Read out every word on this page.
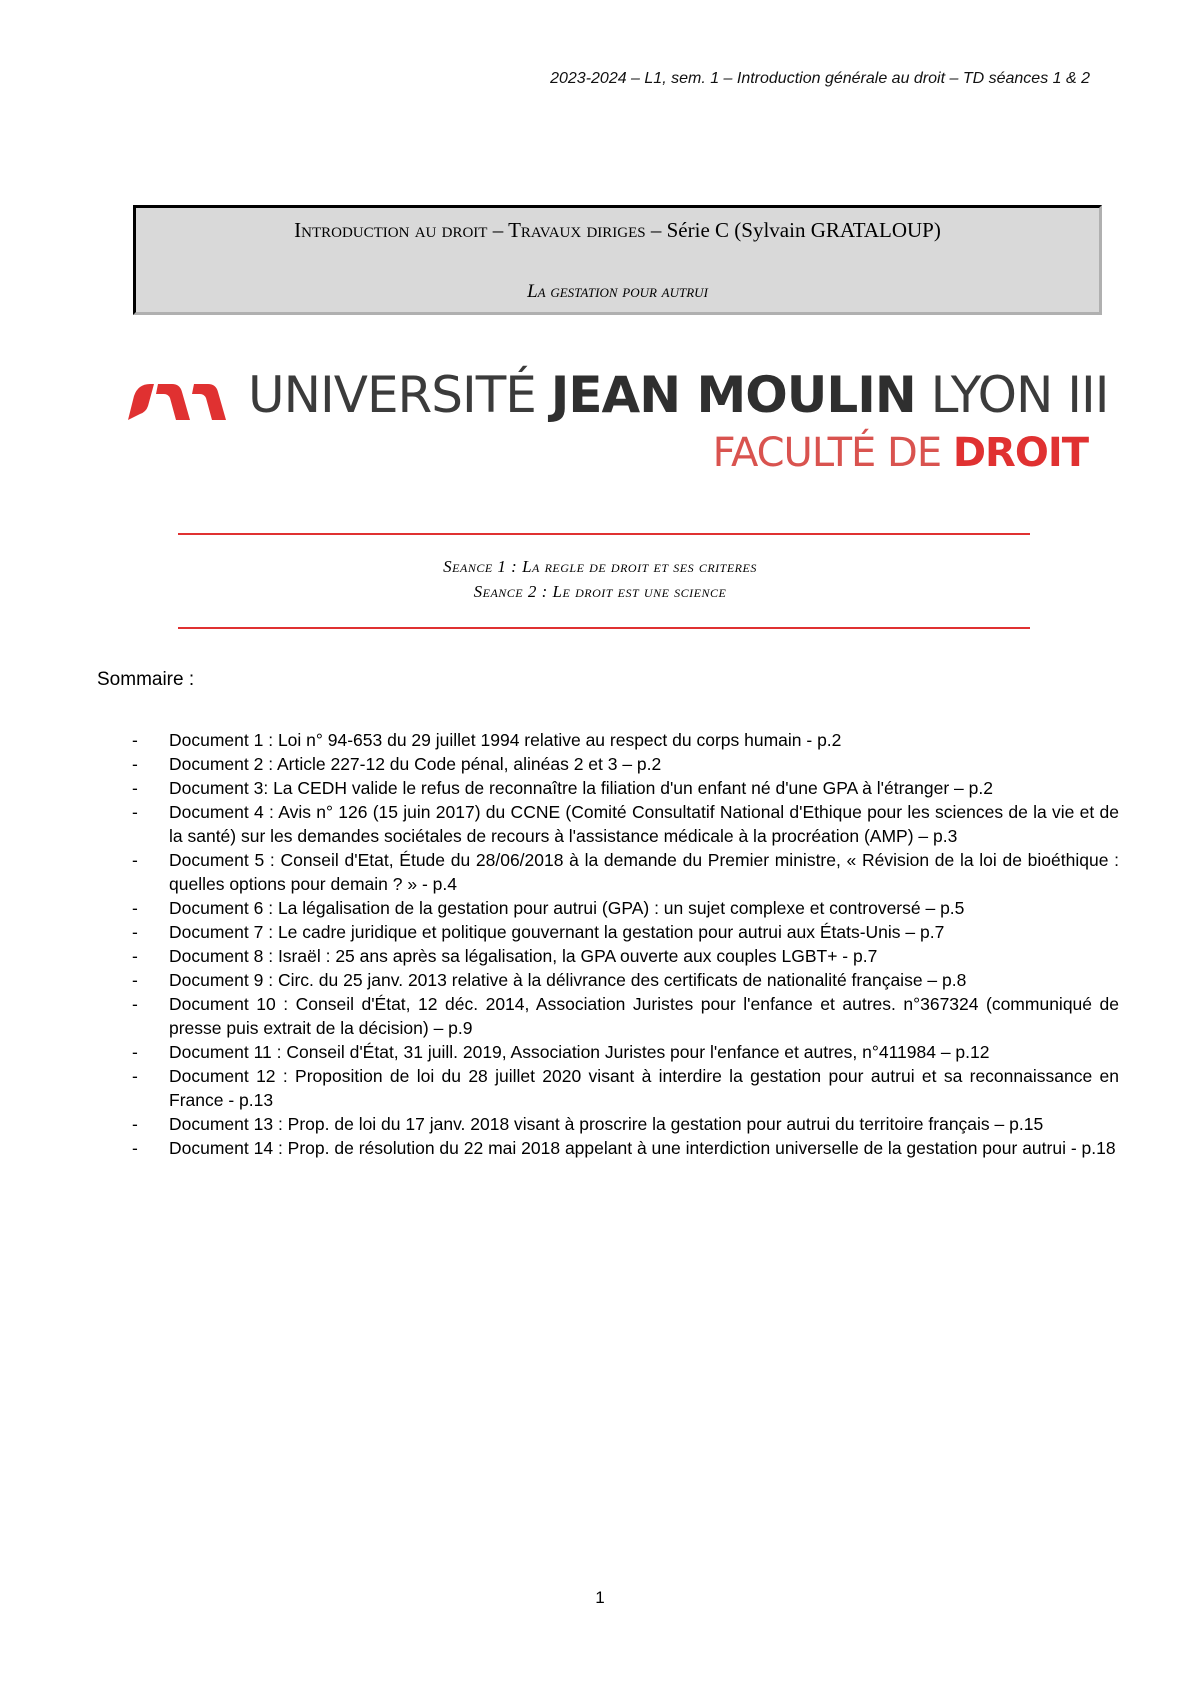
2023-2024 – L1, sem. 1 – Introduction générale au droit – TD séances 1 & 2
Introduction au droit – Travaux diriges – Série C (Sylvain GRATALOUP)
La gestation pour autrui
UNIVERSITÉ JEAN MOULIN LYON III
FACULTÉ DE DROIT
Seance 1 : La regle de droit et ses criteres
Seance 2 : Le droit est une science
Sommaire :
- Document 1 : Loi n° 94-653 du 29 juillet 1994 relative au respect du corps humain - p.2
- Document 2 : Article 227-12 du Code pénal, alinéas 2 et 3 – p.2
- Document 3: La CEDH valide le refus de reconnaître la filiation d'un enfant né d'une GPA à l'étranger – p.2
- Document 4 : Avis n° 126 (15 juin 2017) du CCNE (Comité Consultatif National d'Ethique pour les sciences de la vie et de la santé) sur les demandes sociétales de recours à l'assistance médicale à la procréation (AMP) – p.3
- Document 5 : Conseil d'Etat, Étude du 28/06/2018 à la demande du Premier ministre, « Révision de la loi de bioéthique : quelles options pour demain ? » - p.4
- Document 6 : La légalisation de la gestation pour autrui (GPA) : un sujet complexe et controversé – p.5
- Document 7 : Le cadre juridique et politique gouvernant la gestation pour autrui aux États-Unis – p.7
- Document 8 : Israël : 25 ans après sa légalisation, la GPA ouverte aux couples LGBT+ - p.7
- Document 9 : Circ. du 25 janv. 2013 relative à la délivrance des certificats de nationalité française – p.8
- Document 10 : Conseil d'État, 12 déc. 2014, Association Juristes pour l'enfance et autres. n°367324 (communiqué de presse puis extrait de la décision) – p.9
- Document 11 : Conseil d'État, 31 juill. 2019, Association Juristes pour l'enfance et autres, n°411984 – p.12
- Document 12 : Proposition de loi du 28 juillet 2020 visant à interdire la gestation pour autrui et sa reconnaissance en France - p.13
- Document 13 : Prop. de loi du 17 janv. 2018 visant à proscrire la gestation pour autrui du territoire français – p.15
- Document 14 : Prop. de résolution du 22 mai 2018 appelant à une interdiction universelle de la gestation pour autrui - p.18
1
